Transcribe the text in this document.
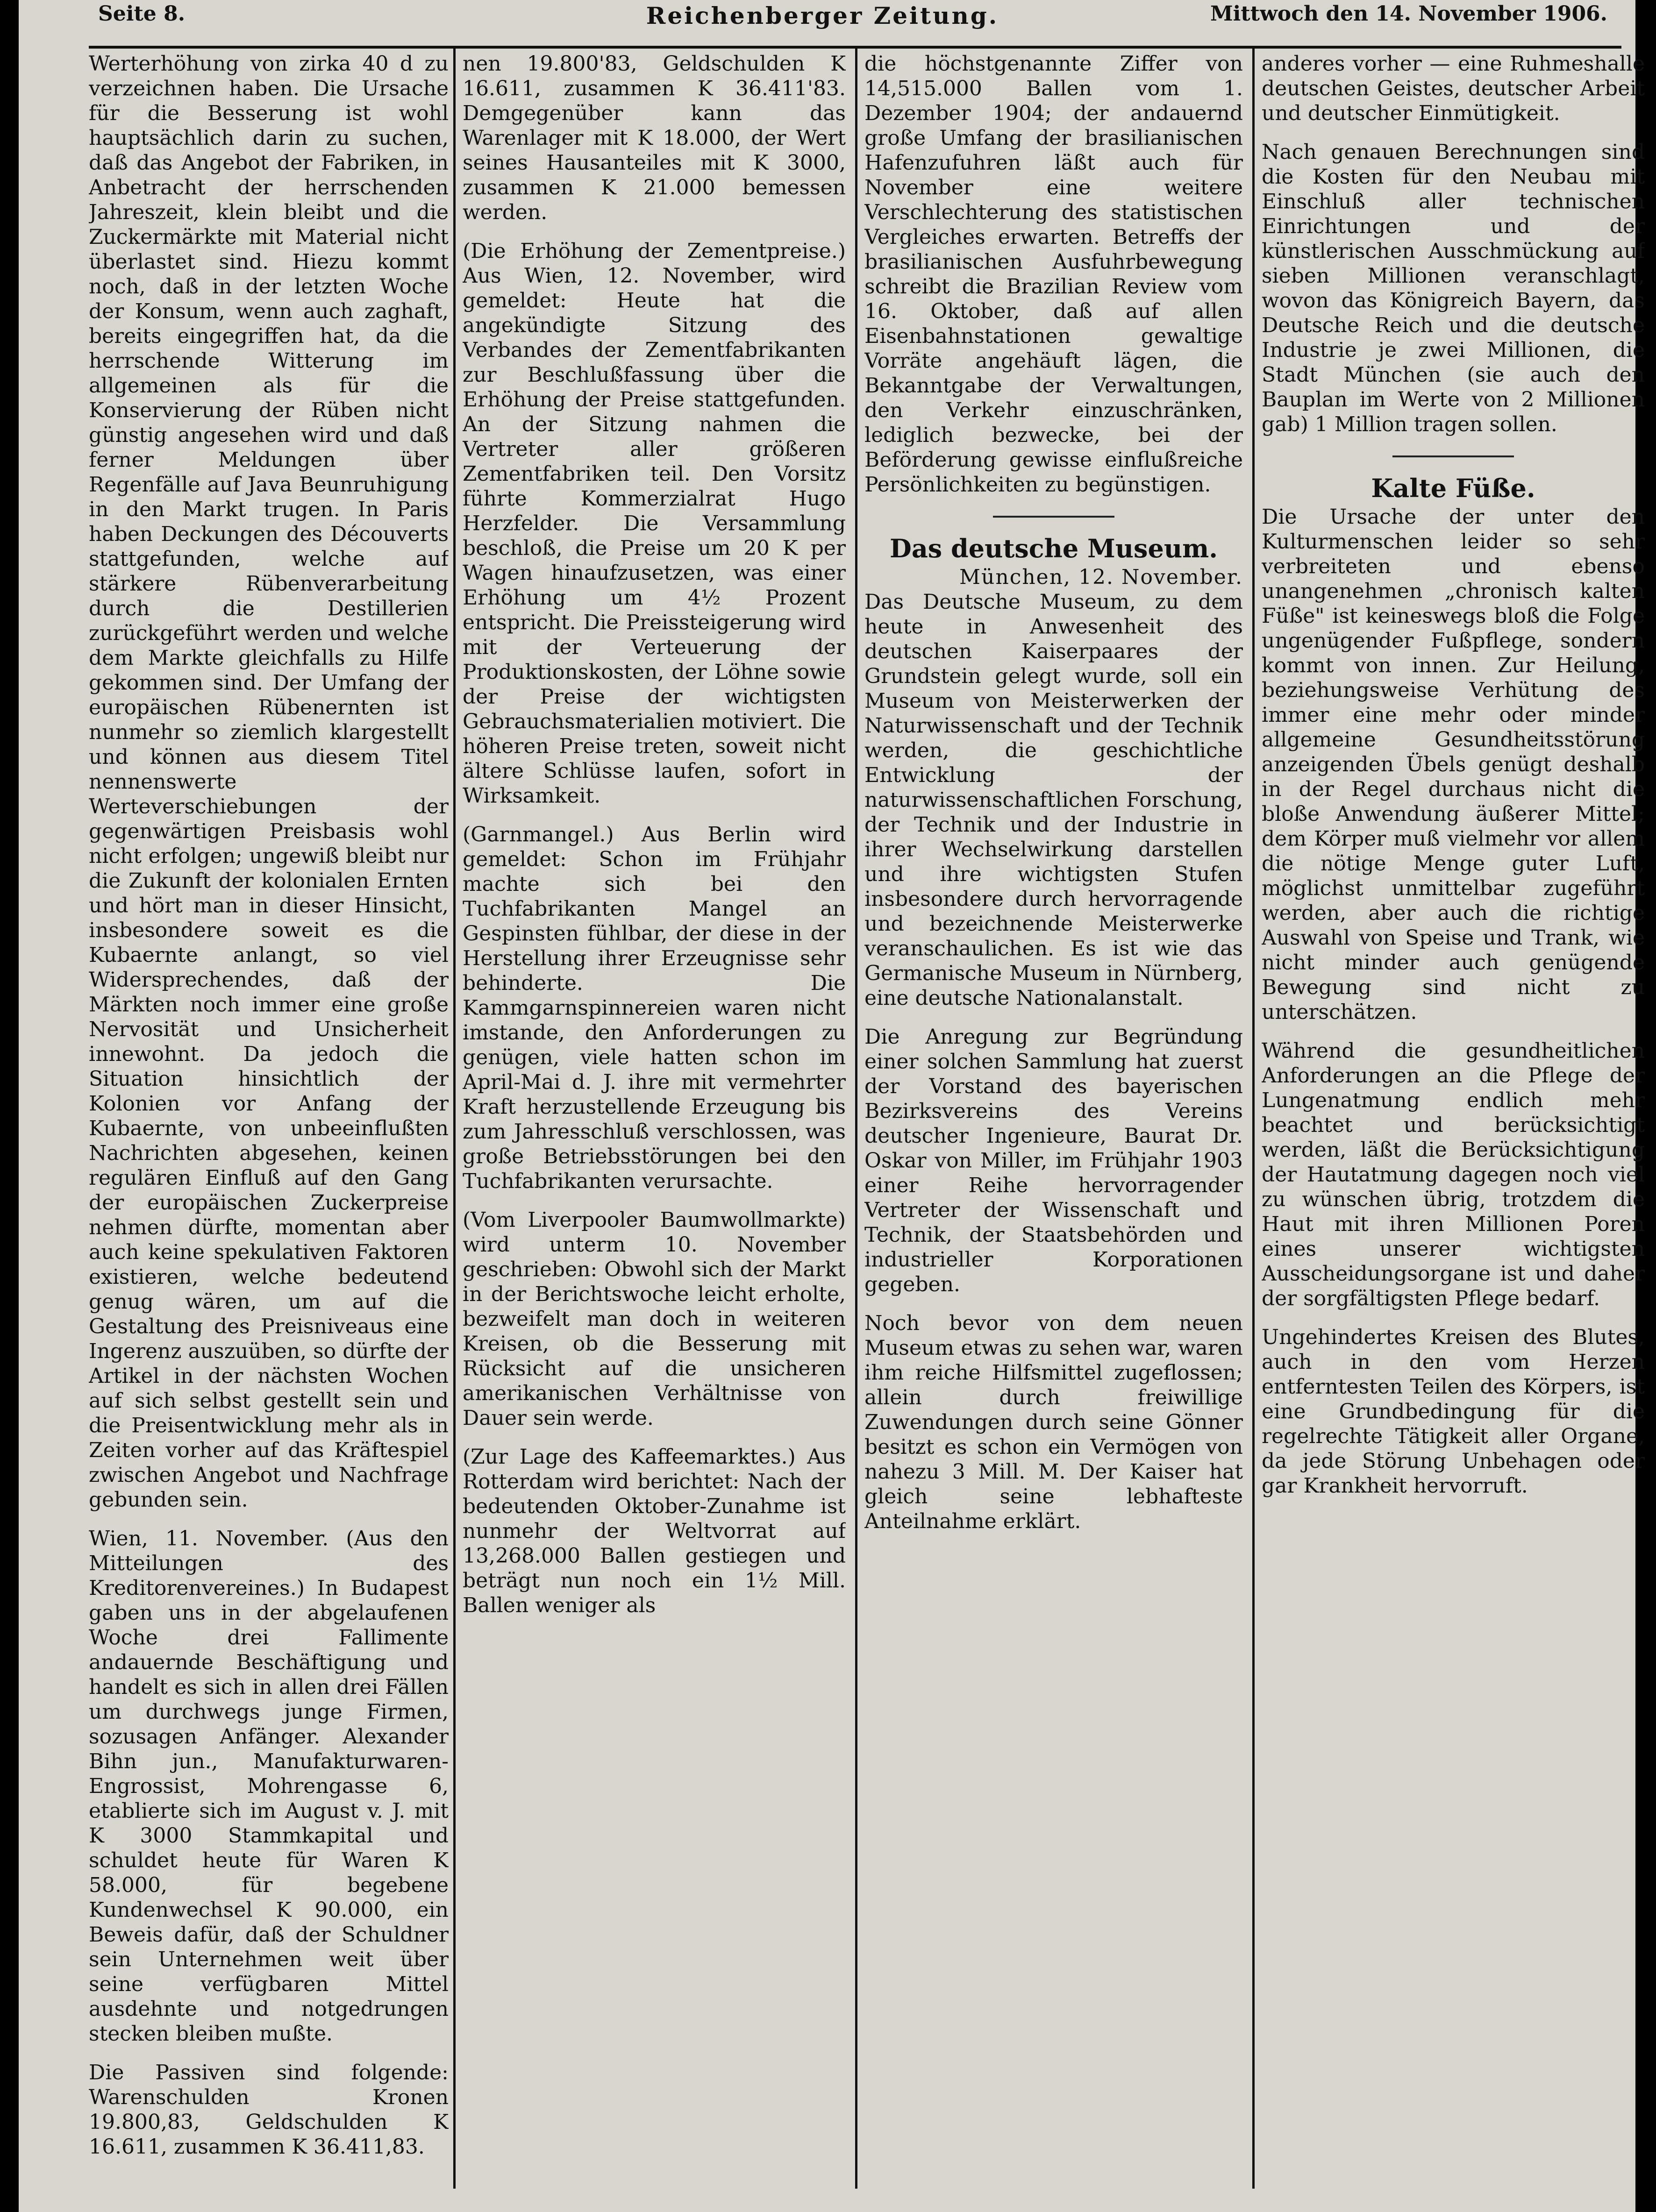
Seite 8.	Reichenberger Zeitung.	Mittwoch den 14. November 1906.

Werterhöhung von zirka 40 d zu verzeichnen haben. Die Ursache für die Besserung ist wohl hauptsächlich darin zu suchen, daß das Angebot der Fabriken, in Anbetracht der herrschenden Jahreszeit, klein bleibt und die Zuckermärkte mit Material nicht überlastet sind. Hiezu kommt noch, daß in der letzten Woche der Konsum, wenn auch zaghaft, bereits eingegriffen hat, da die herrschende Witterung im allgemeinen als für die Konservierung der Rüben nicht günstig angesehen wird und daß ferner Meldungen über Regenfälle auf Java Beunruhigung in den Markt trugen. In Paris haben Deckungen des Découverts stattgefunden, welche auf stärkere Rübenverarbeitung durch die Destillerien zurückgeführt werden und welche dem Markte gleichfalls zu Hilfe gekommen sind. Der Umfang der europäischen Rübenernten ist nunmehr so ziemlich klargestellt und können aus diesem Titel nennenswerte Werteverschiebungen der gegenwärtigen Preisbasis wohl nicht erfolgen; ungewiß bleibt nur die Zukunft der kolonialen Ernten und hört man in dieser Hinsicht, insbesondere soweit es die Kubaernte anlangt, so viel Widersprechendes, daß der Märkten noch immer eine große Nervosität und Unsicherheit innewohnt. Da jedoch die Situation hinsichtlich der Kolonien vor Anfang der Kubaernte, von unbeeinflußten Nachrichten abgesehen, keinen regulären Einfluß auf den Gang der europäischen Zuckerpreise nehmen dürfte, momentan aber auch keine spekulativen Faktoren existieren, welche bedeutend genug wären, um auf die Gestaltung des Preisniveaus eine Ingerenz auszuüben, so dürfte der Artikel in der nächsten Wochen auf sich selbst gestellt sein und die Preisentwicklung mehr als in Zeiten vorher auf das Kräftespiel zwischen Angebot und Nachfrage gebunden sein.

Wien, 11. November. (Aus den Mitteilungen des Kreditorenvereines.) In Budapest gaben uns in der abgelaufenen Woche drei Fallimente andauernde Beschäftigung und handelt es sich in allen drei Fällen um durchwegs junge Firmen, sozusagen Anfänger. Alexander Bihn jun., Manufakturwaren-Engrossist, Mohrengasse 6, etablierte sich im August v. J. mit K 3000 Stammkapital und schuldet heute für Waren K 58.000, für begebene Kundenwechsel K 90.000, ein Beweis dafür, daß der Schuldner sein Unternehmen weit über seine verfügbaren Mittel ausdehnte und notgedrungen stecken bleiben mußte.

Die Passiven sind folgende: Warenschulden Kronen 19.800,83, Geldschulden K 16.611, zusammen K 36.411,83.

nen 19.800'83, Geldschulden K 16.611, zusammen K 36.411'83. Demgegenüber kann das Warenlager mit K 18.000, der Wert seines Hausanteiles mit K 3000, zusammen K 21.000 bemessen werden.

(Die Erhöhung der Zementpreise.) Aus Wien, 12. November, wird gemeldet: Heute hat die angekündigte Sitzung des Verbandes der Zementfabrikanten zur Beschlußfassung über die Erhöhung der Preise stattgefunden. An der Sitzung nahmen die Vertreter aller größeren Zementfabriken teil. Den Vorsitz führte Kommerzialrat Hugo Herzfelder. Die Versammlung beschloß, die Preise um 20 K per Wagen hinaufzusetzen, was einer Erhöhung um 4½ Prozent entspricht. Die Preissteigerung wird mit der Verteuerung der Produktionskosten, der Löhne sowie der Preise der wichtigsten Gebrauchsmaterialien motiviert. Die höheren Preise treten, soweit nicht ältere Schlüsse laufen, sofort in Wirksamkeit.

(Garnmangel.) Aus Berlin wird gemeldet: Schon im Frühjahr machte sich bei den Tuchfabrikanten Mangel an Gespinsten fühlbar, der diese in der Herstellung ihrer Erzeugnisse sehr behinderte. Die Kammgarnspinnereien waren nicht imstande, den Anforderungen zu genügen, viele hatten schon im April-Mai d. J. ihre mit vermehrter Kraft herzustellende Erzeugung bis zum Jahresschluß verschlossen, was große Betriebsstörungen bei den Tuchfabrikanten verursachte.

(Vom Liverpooler Baumwollmarkte) wird unterm 10. November geschrieben: Obwohl sich der Markt in der Berichtswoche leicht erholte, bezweifelt man doch in weiteren Kreisen, ob die Besserung mit Rücksicht auf die unsicheren amerikanischen Verhältnisse von Dauer sein werde.

(Zur Lage des Kaffeemarktes.) Aus Rotterdam wird berichtet: Nach der bedeutenden Oktober-Zunahme ist nunmehr der Weltvorrat auf 13,268.000 Ballen gestiegen und beträgt nun noch ein 1½ Mill. Ballen weniger als

die höchstgenannte Ziffer von 14,515.000 Ballen vom 1. Dezember 1904; der andauernd große Umfang der brasilianischen Hafenzufuhren läßt auch für November eine weitere Verschlechterung des statistischen Vergleiches erwarten. Betreffs der brasilianischen Ausfuhrbewegung schreibt die Brazilian Review vom 16. Oktober, daß auf allen Eisenbahnstationen gewaltige Vorräte angehäuft lägen, die Bekanntgabe der Verwaltungen, den Verkehr einzuschränken, lediglich bezwecke, bei der Beförderung gewisse einflußreiche Persönlichkeiten zu begünstigen.

Das deutsche Museum.
München, 12. November.

Das Deutsche Museum, zu dem heute in Anwesenheit des deutschen Kaiserpaares der Grundstein gelegt wurde, soll ein Museum von Meisterwerken der Naturwissenschaft und der Technik werden, die geschichtliche Entwicklung der naturwissenschaftlichen Forschung, der Technik und der Industrie in ihrer Wechselwirkung darstellen und ihre wichtigsten Stufen insbesondere durch hervorragende und bezeichnende Meisterwerke veranschaulichen. Es ist wie das Germanische Museum in Nürnberg, eine deutsche Nationalanstalt.

Die Anregung zur Begründung einer solchen Sammlung hat zuerst der Vorstand des bayerischen Bezirksvereins des Vereins deutscher Ingenieure, Baurat Dr. Oskar von Miller, im Frühjahr 1903 einer Reihe hervorragender Vertreter der Wissenschaft und Technik, der Staatsbehörden und industrieller Korporationen gegeben.

Noch bevor von dem neuen Museum etwas zu sehen war, waren ihm reiche Hilfsmittel zugeflossen; allein durch freiwillige Zuwendungen durch seine Gönner besitzt es schon ein Vermögen von nahezu 3 Mill. M. Der Kaiser hat gleich seine lebhafteste Anteilnahme erklärt.

anderes vorher — eine Ruhmeshalle deutschen Geistes, deutscher Arbeit und deutscher Einmütigkeit.

Nach genauen Berechnungen sind die Kosten für den Neubau mit Einschluß aller technischen Einrichtungen und der künstlerischen Ausschmückung auf sieben Millionen veranschlagt, wovon das Königreich Bayern, das Deutsche Reich und die deutsche Industrie je zwei Millionen, die Stadt München (sie auch den Bauplan im Werte von 2 Millionen gab) 1 Million tragen sollen.

Kalte Füße.

Die Ursache der unter den Kulturmenschen leider so sehr verbreiteten und ebenso unangenehmen „chronisch kalten Füße" ist keineswegs bloß die Folge ungenügender Fußpflege, sondern kommt von innen. Zur Heilung, beziehungsweise Verhütung des immer eine mehr oder minder allgemeine Gesundheitsstörung anzeigenden Übels genügt deshalb in der Regel durchaus nicht die bloße Anwendung äußerer Mittel; dem Körper muß vielmehr vor allem die nötige Menge guter Luft, möglichst unmittelbar zugeführt werden, aber auch die richtige Auswahl von Speise und Trank, wie nicht minder auch genügende Bewegung sind nicht zu unterschätzen.

Während die gesundheitlichen Anforderungen an die Pflege der Lungenatmung endlich mehr beachtet und berücksichtigt werden, läßt die Berücksichtigung der Hautatmung dagegen noch viel zu wünschen übrig, trotzdem die Haut mit ihren Millionen Poren eines unserer wichtigsten Ausscheidungsorgane ist und daher der sorgfältigsten Pflege bedarf.

Ungehindertes Kreisen des Blutes, auch in den vom Herzen entferntesten Teilen des Körpers, ist eine Grundbedingung für die regelrechte Tätigkeit aller Organe, da jede Störung Unbehagen oder gar Krankheit hervorruft.
